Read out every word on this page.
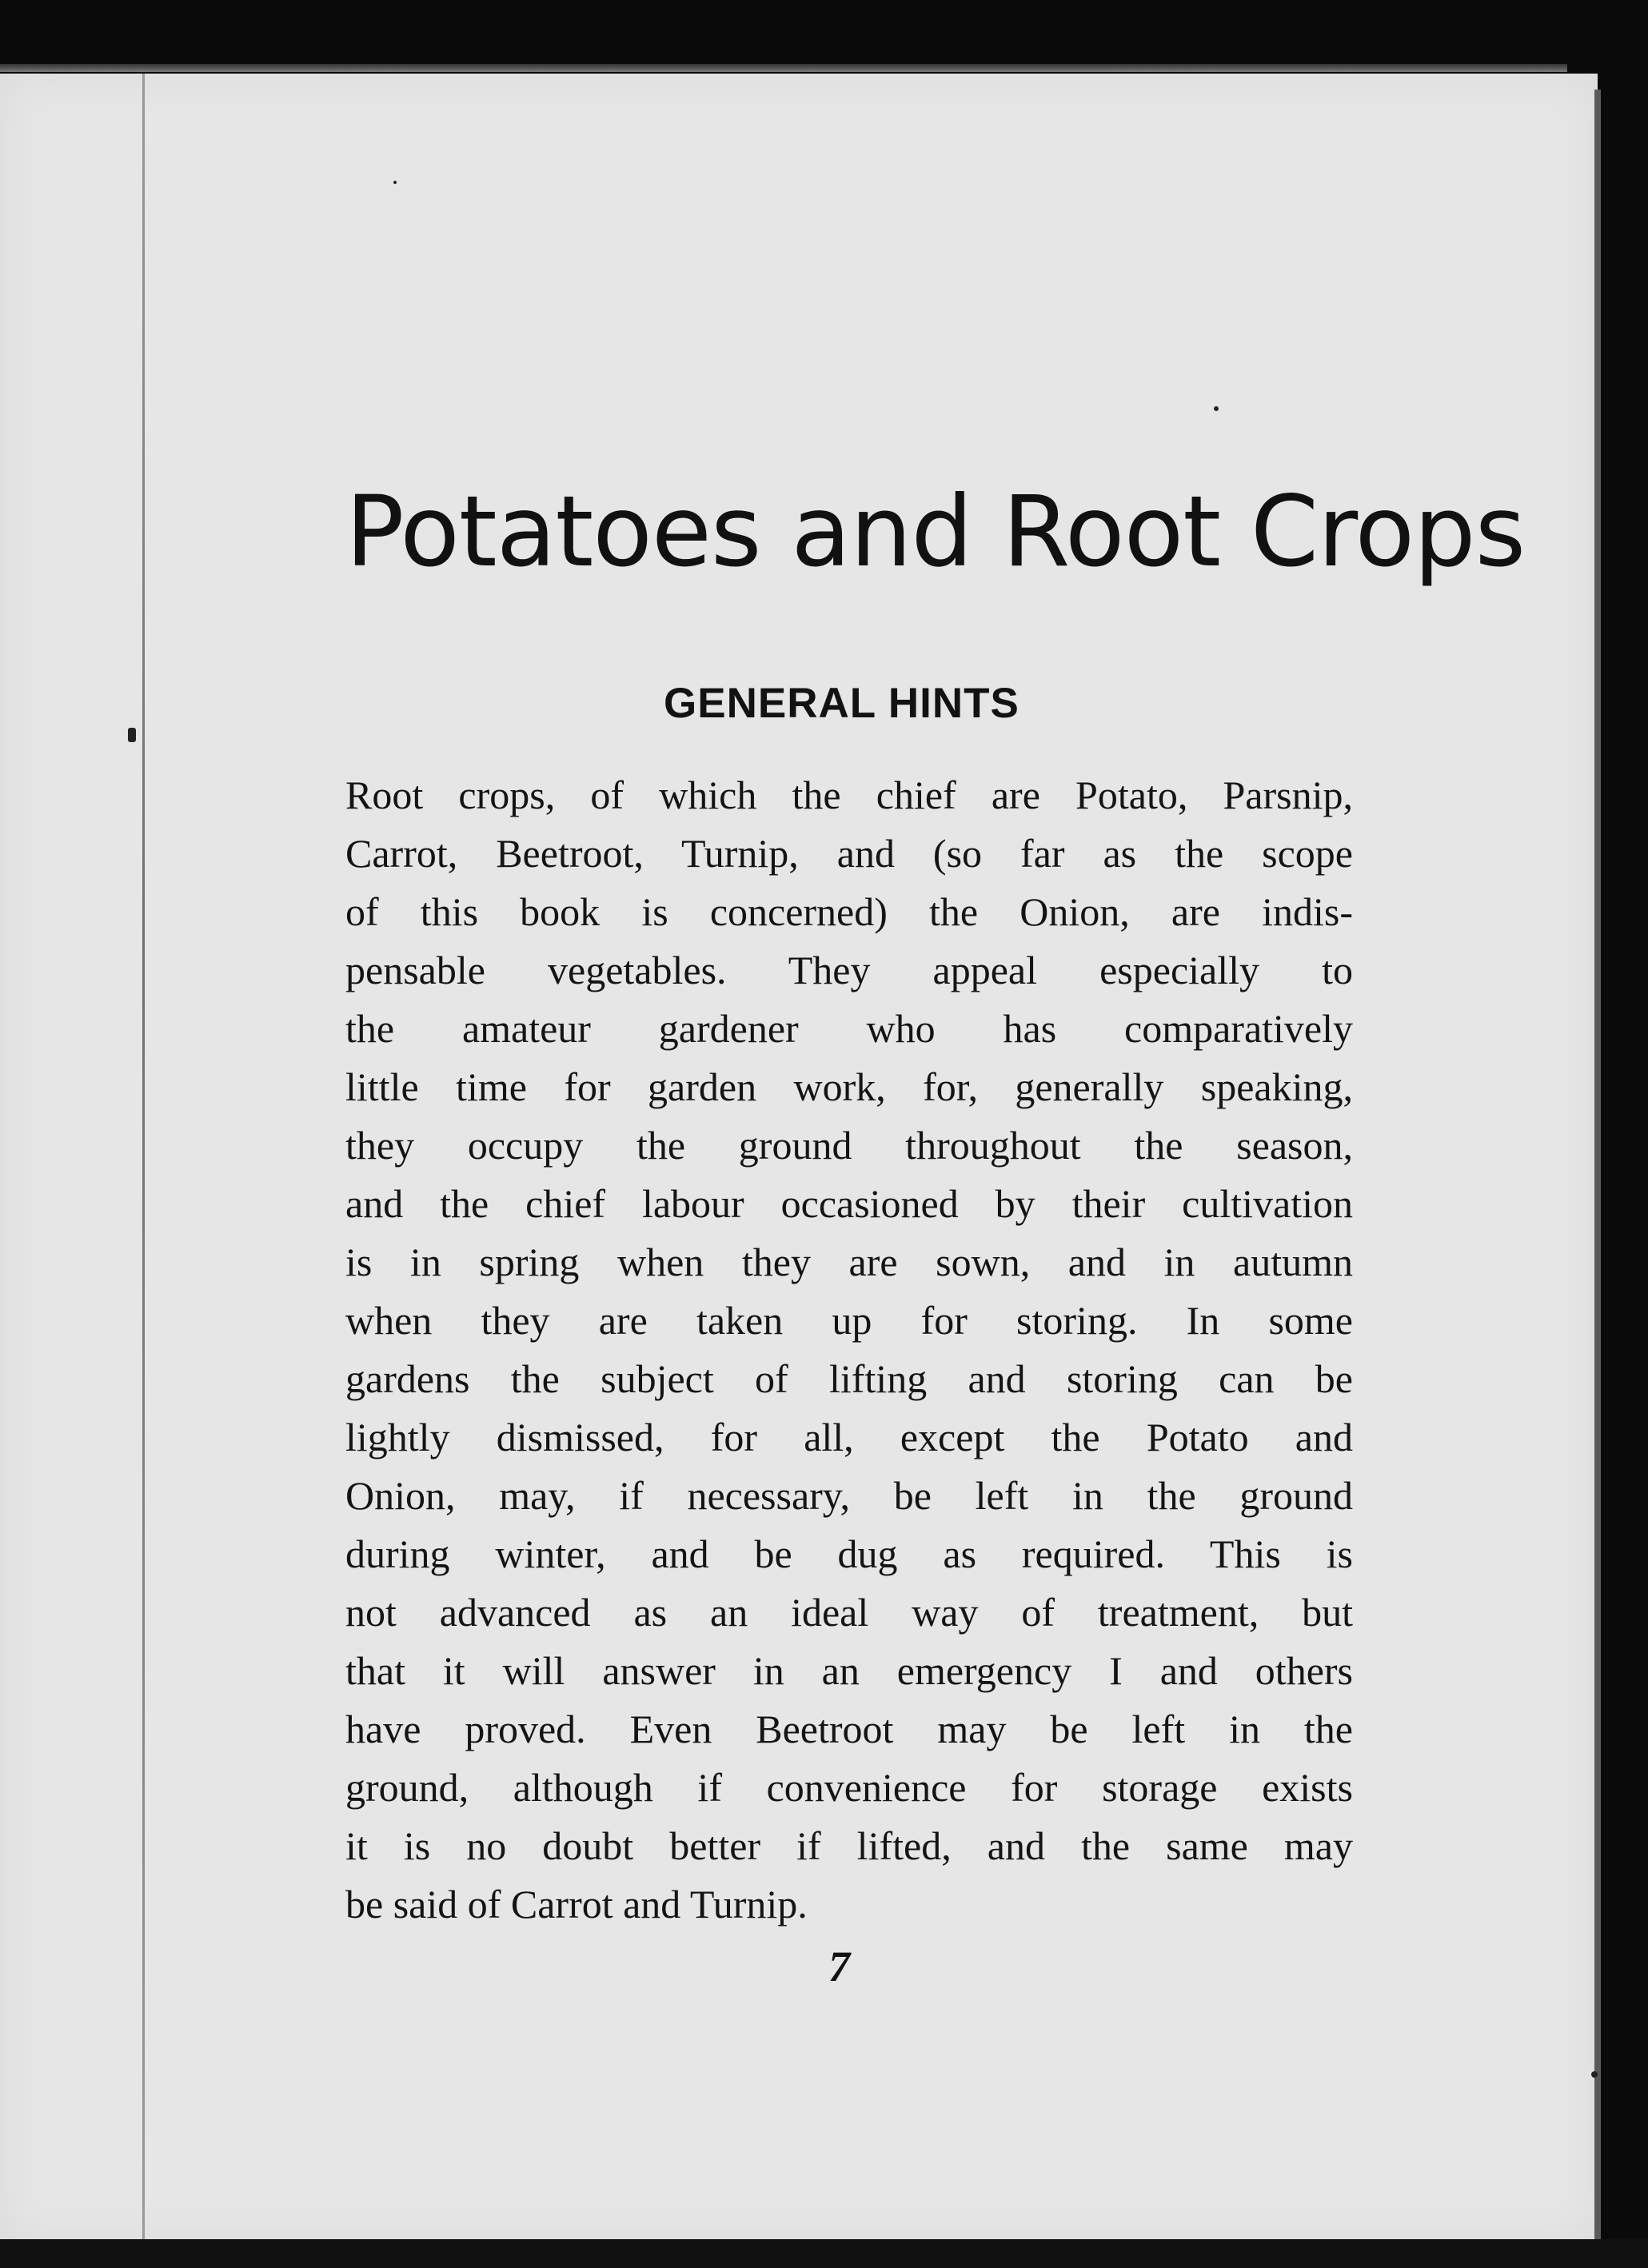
Potatoes and Root Crops
GENERAL HINTS
Root crops, of which the chief are Potato, Parsnip,
Carrot, Beetroot, Turnip, and (so far as the scope
of this book is concerned) the Onion, are indis-
pensable vegetables. They appeal especially to
the amateur gardener who has comparatively
little time for garden work, for, generally speaking,
they occupy the ground throughout the season,
and the chief labour occasioned by their cultivation
is in spring when they are sown, and in autumn
when they are taken up for storing. In some
gardens the subject of lifting and storing can be
lightly dismissed, for all, except the Potato and
Onion, may, if necessary, be left in the ground
during winter, and be dug as required. This is
not advanced as an ideal way of treatment, but
that it will answer in an emergency I and others
have proved. Even Beetroot may be left in the
ground, although if convenience for storage exists
it is no doubt better if lifted, and the same may
be said of Carrot and Turnip.
7
